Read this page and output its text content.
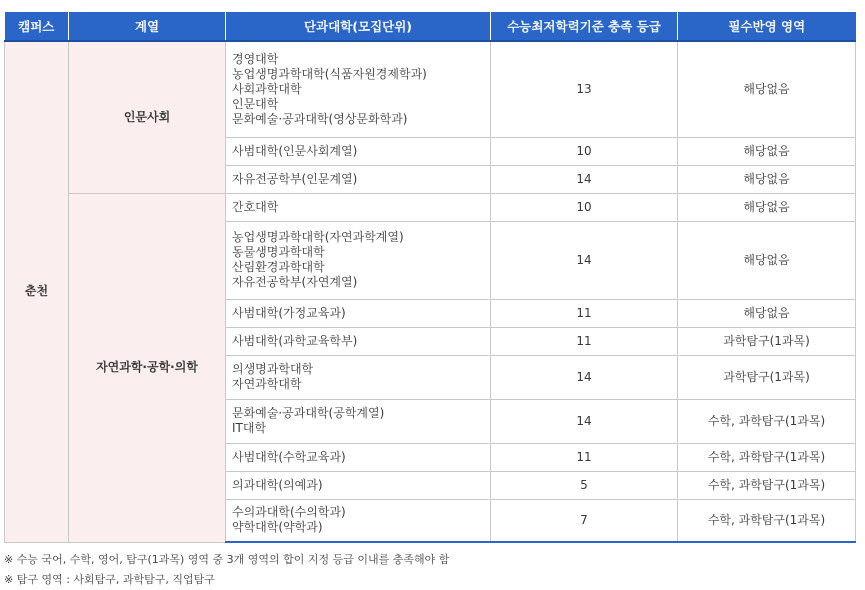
캠퍼스	계열	단과대학(모집단위)	수능최저학력기준 충족 등급	필수반영 영역
춘천	인문사회	경영대학
농업생명과학대학(식품자원경제학과)
사회과학대학
인문대학
문화예술·공과대학(영상문화학과)	13	해당없음

		사범대학(인문사회계열)	10	해당없음

		자유전공학부(인문계열)	14	해당없음
	자연과학·공학·의학	간호대학	10	해당없음

		농업생명과학대학(자연과학계열)
동물생명과학대학
산림환경과학대학
자유전공학부(자연계열)	14	해당없음

		사범대학(가정교육과)	11	해당없음

		사범대학(과학교육학부)	11	과학탐구(1과목)

		의생명과학대학
자연과학대학	14	과학탐구(1과목)

		문화예술·공과대학(공학계열)
IT대학	14	수학, 과학탐구(1과목)

		사범대학(수학교육과)	11	수학, 과학탐구(1과목)

		의과대학(의예과)	5	수학, 과학탐구(1과목)

		수의과대학(수의학과)
약학대학(약학과)	7	수학, 과학탐구(1과목)
※ 수능 국어, 수학, 영어, 탐구(1과목) 영역 중 3개 영역의 합이 지정 등급 이내를 충족해야 함
※ 탐구 영역 : 사회탐구, 과학탐구, 직업탐구
